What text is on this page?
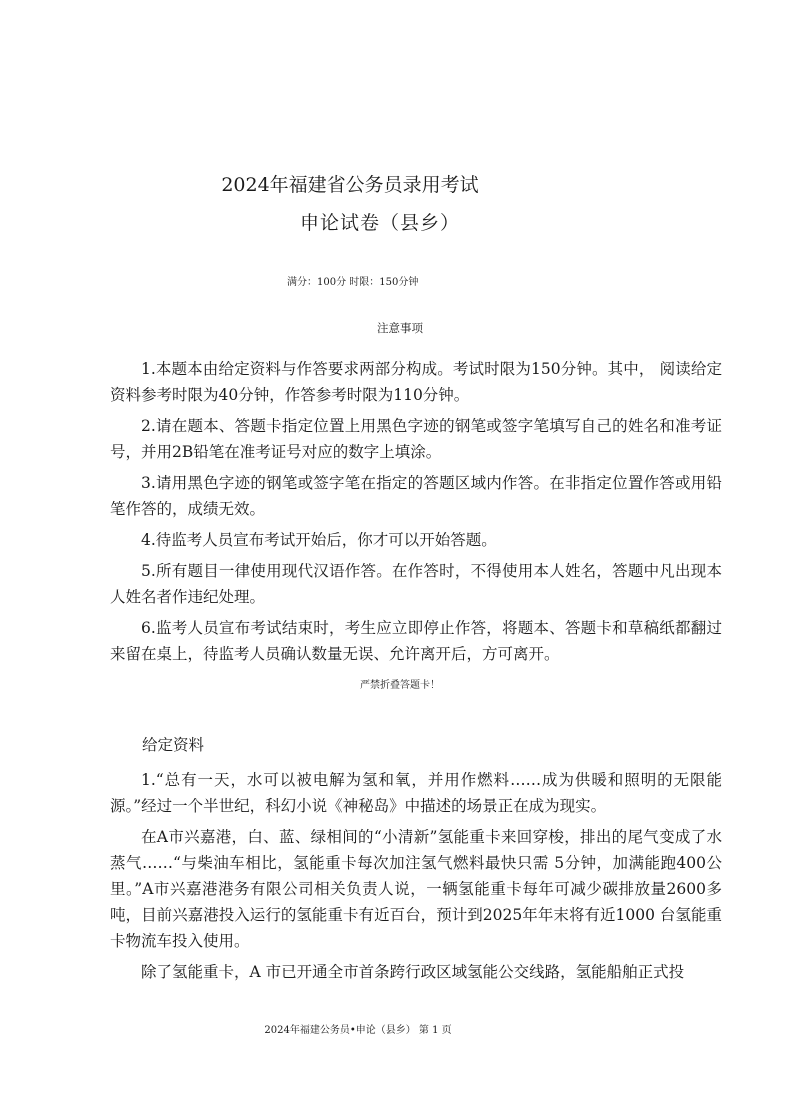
2024年福建省公务员录用考试
申论试卷（县乡）
满分：100分 时限：150分钟
注意事项

1.本题本由给定资料与作答要求两部分构成。考试时限为150分钟。其中， 阅读给定资料参考时限为40分钟，作答参考时限为110分钟。

2.请在题本、答题卡指定位置上用黑色字迹的钢笔或签字笔填写自己的姓名和准考证号，并用2B铅笔在准考证号对应的数字上填涂。

3.请用黑色字迹的钢笔或签字笔在指定的答题区域内作答。在非指定位置作答或用铅笔作答的，成绩无效。

4.待监考人员宣布考试开始后，你才可以开始答题。

5.所有题目一律使用现代汉语作答。在作答时，不得使用本人姓名，答题中凡出现本人姓名者作违纪处理。

6.监考人员宣布考试结束时，考生应立即停止作答，将题本、答题卡和草稿纸都翻过来留在桌上，待监考人员确认数量无误、允许离开后，方可离开。

严禁折叠答题卡！
给定资料

1.“总有一天，水可以被电解为氢和氧，并用作燃料……成为供暖和照明的无限能源。”经过一个半世纪，科幻小说《神秘岛》中描述的场景正在成为现实。

在A市兴嘉港，白、蓝、绿相间的“小清新”氢能重卡来回穿梭，排出的尾气变成了水蒸气……“与柴油车相比，氢能重卡每次加注氢气燃料最快只需 5分钟，加满能跑400公里。”A市兴嘉港港务有限公司相关负责人说，一辆氢能重卡每年可减少碳排放量2600多吨，目前兴嘉港投入运行的氢能重卡有近百台，预计到2025年年末将有近1000 台氢能重卡物流车投入使用。

除了氢能重卡，A 市已开通全市首条跨行政区域氢能公交线路，氢能船舶正式投

2024年福建公务员•申论（县乡） 第 1 页
